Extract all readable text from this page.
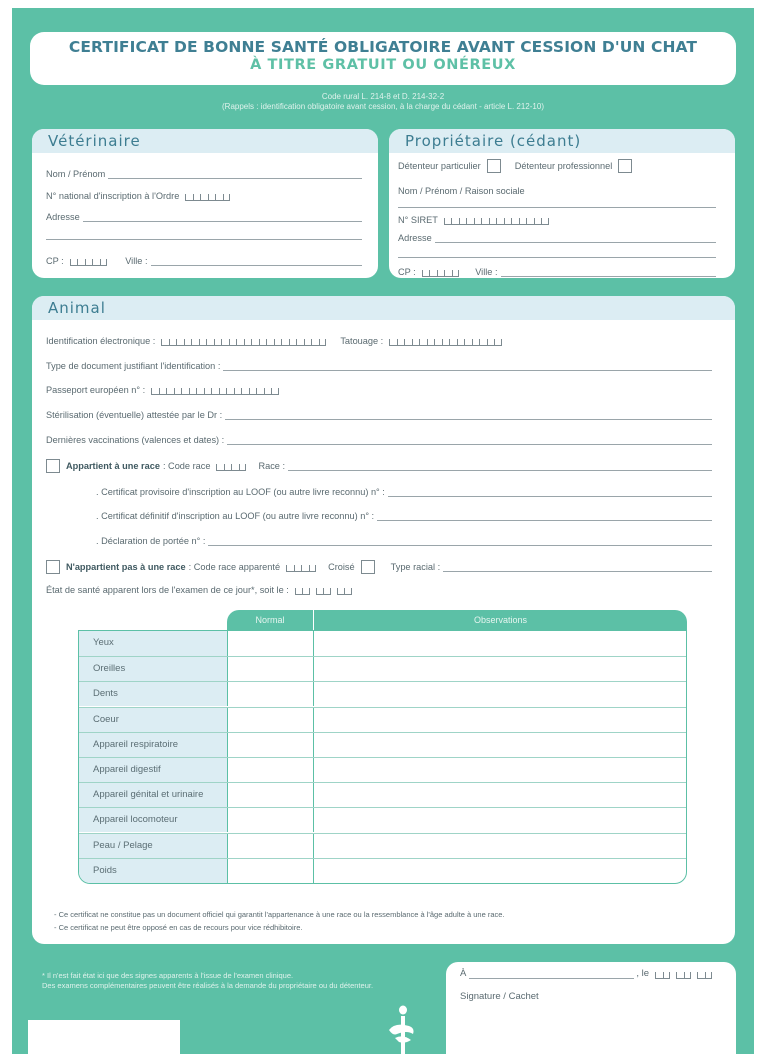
CERTIFICAT DE BONNE SANTÉ OBLIGATOIRE AVANT CESSION D'UN CHAT
À TITRE GRATUIT OU ONÉREUX
Code rural L. 214-8 et D. 214-32-2
(Rappels : identification obligatoire avant cession, à la charge du cédant - article L. 212-10)
Vétérinaire
Nom / Prénom
N° national d'inscription à l'Ordre
Adresse
CP :	Ville :
Propriétaire (cédant)
Détenteur particulier	Détenteur professionnel
Nom / Prénom / Raison sociale
N° SIRET
Adresse
CP :	Ville :
Animal
Identification électronique :	Tatouage :
Type de document justifiant l'identification :
Passeport européen n° :
Stérilisation (éventuelle) attestée par le Dr :
Dernières vaccinations (valences et dates) :
Appartient à une race : Code race	Race :
. Certificat provisoire d'inscription au LOOF (ou autre livre reconnu) n° :
. Certificat définitif d'inscription au LOOF (ou autre livre reconnu) n° :
. Déclaration de portée n° :
N'appartient pas à une race : Code race apparenté	Croisé	Type racial :
État de santé apparent lors de l'examen de ce jour*, soit le :
- Ce certificat ne constitue pas un document officiel qui garantit l'appartenance à une race ou la ressemblance à l'âge adulte à une race.
- Ce certificat ne peut être opposé en cas de recours pour vice rédhibitoire.
Normal	Observations
Yeux
Oreilles
Dents
Coeur
Appareil respiratoire
Appareil digestif
Appareil génital et urinaire
Appareil locomoteur
Peau / Pelage
Poids
* Il n'est fait état ici que des signes apparents à l'issue de l'examen clinique.
Des examens complémentaires peuvent être réalisés à la demande du propriétaire ou du détenteur.
À	, le
Signature / Cachet
